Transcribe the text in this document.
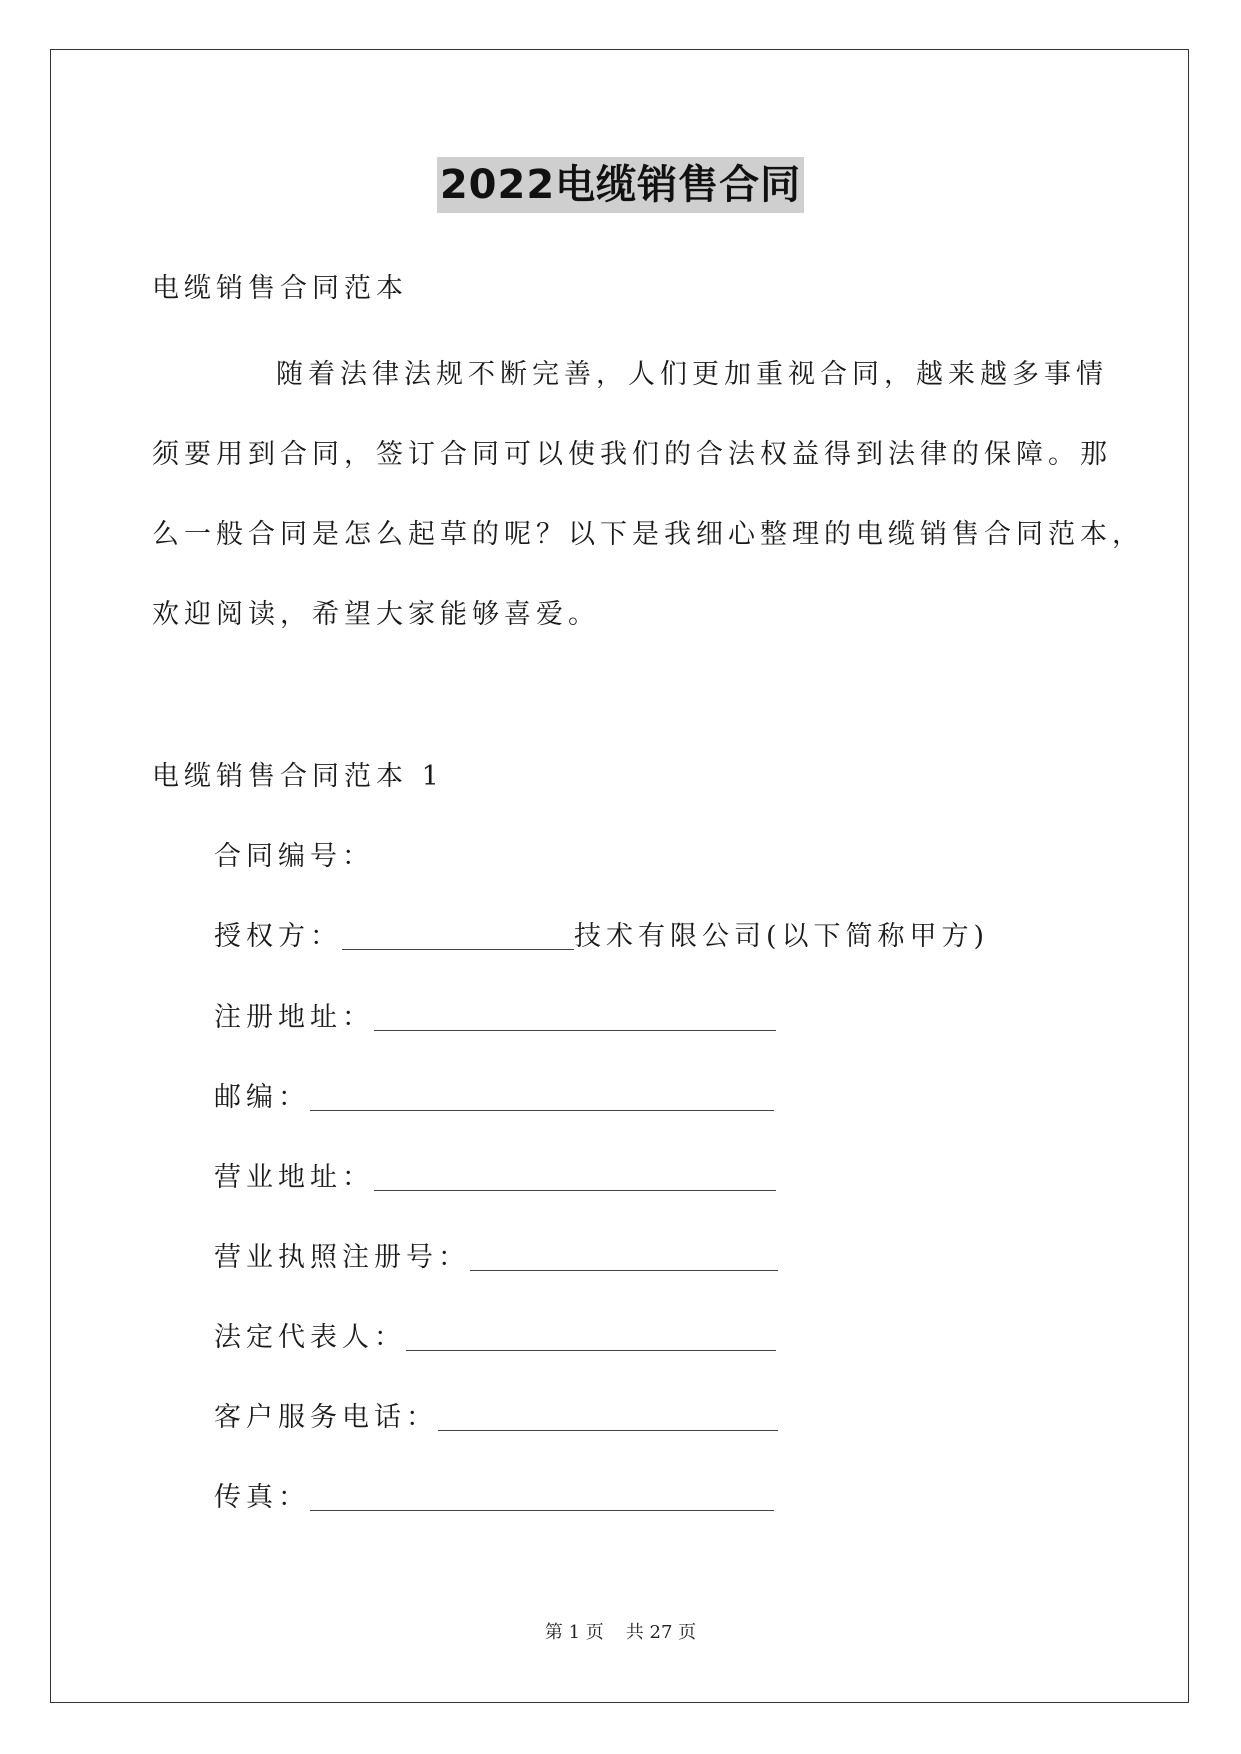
2022电缆销售合同
电缆销售合同范本
随着法律法规不断完善，人们更加重视合同，越来越多事情
须要用到合同，签订合同可以使我们的合法权益得到法律的保障。那
么一般合同是怎么起草的呢？以下是我细心整理的电缆销售合同范本，
欢迎阅读，希望大家能够喜爱。
电缆销售合同范本 1
合同编号：
授权方：	技术有限公司(以下简称甲方)
注册地址：
邮编：
营业地址：
营业执照注册号：
法定代表人：
客户服务电话：
传真：
第 1 页 共 27 页
